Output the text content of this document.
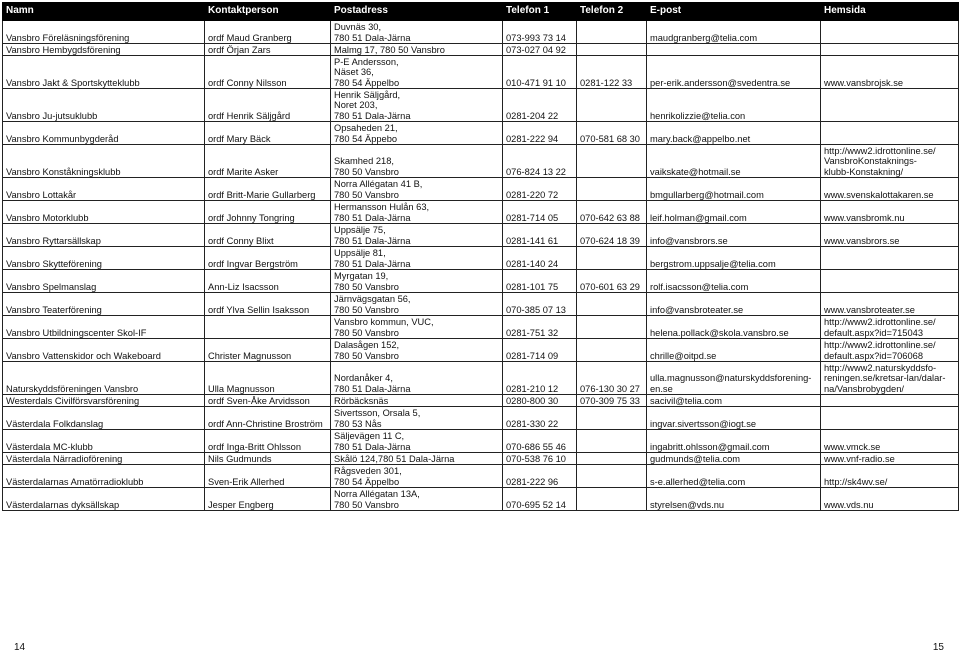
Namn	Kontaktperson	Postadress	Telefon 1	Telefon 2	E-post	Hemsida
Vansbro Föreläsningsförening	ordf Maud Granberg	Duvnäs 30,
780 51 Dala-Järna	073-993 73 14		maudgranberg@telia.com	
Vansbro Hembygdsförening	ordf Örjan Zars	Malmg 17, 780 50 Vansbro	073-027 04 92			
Vansbro Jakt & Sportskytteklubb	ordf Conny Nilsson	P-E Andersson,
Näset 36,
780 54 Äppelbo	010-471 91 10	0281-122 33	per-erik.andersson@svedentra.se	www.vansbrojsk.se
Vansbro Ju-jutsuklubb	ordf Henrik Säljgård	Henrik Säljgård,
Noret 203,
780 51 Dala-Järna	0281-204 22		henrikolizzie@telia.con	
Vansbro Kommunbygderåd	ordf Mary Bäck	Opsaheden 21,
780 54 Äppebo	0281-222 94	070-581 68 30	mary.back@appelbo.net	
Vansbro Konståkningsklubb	ordf Marite Asker	Skamhed 218,
780 50 Vansbro	076-824 13 22		vaikskate@hotmail.se	http://www2.idrottonline.se/
VansbroKonstaknings-
klubb-Konstakning/
Vansbro Lottakår	ordf Britt-Marie Gullarberg	Norra Allégatan 41 B,
780 50 Vansbro	0281-220 72		bmgullarberg@hotmail.com	www.svenskalottakaren.se
Vansbro Motorklubb	ordf Johnny Tongring	Hermansson Hulån 63,
780 51 Dala-Järna	0281-714 05	070-642 63 88	leif.holman@gmail.com	www.vansbromk.nu
Vansbro Ryttarsällskap	ordf Conny Blixt	Uppsälje 75,
780 51 Dala-Järna	0281-141 61	070-624 18 39	info@vansbrors.se	www.vansbrors.se
Vansbro Skytteförening	ordf Ingvar Bergström	Uppsälje 81,
780 51 Dala-Järna	0281-140 24		bergstrom.uppsalje@telia.com	
Vansbro Spelmanslag	Ann-Liz Isacsson	Myrgatan 19,
780 50 Vansbro	0281-101 75	070-601 63 29	rolf.isacsson@telia.com	
Vansbro Teaterförening	ordf Ylva Sellin Isaksson	Järnvägsgatan 56,
780 50 Vansbro	070-385 07 13		info@vansbroteater.se	www.vansbroteater.se
Vansbro Utbildningscenter Skol-IF		Vansbro kommun, VUC,
780 50 Vansbro	0281-751 32		helena.pollack@skola.vansbro.se	http://www2.idrottonline.se/
default.aspx?id=715043
Vansbro Vattenskidor och Wakeboard	Christer Magnusson	Dalasågen 152,
780 50 Vansbro	0281-714 09		chrille@oitpd.se	http://www2.idrottonline.se/
default.aspx?id=706068
Naturskyddsföreningen Vansbro	Ulla Magnusson	Nordanåker 4,
780 51 Dala-Järna	0281-210 12	076-130 30 27	ulla.magnusson@naturskyddsforening-
en.se	http://www2.naturskyddsfo-
reningen.se/kretsar-lan/dalar-
na/Vansbrobygden/
Westerdals Civilförsvarsförening	ordf Sven-Åke Arvidsson	Rörbäcksnäs	0280-800 30	070-309 75 33	sacivil@telia.com	
Västerdala Folkdanslag	ordf Ann-Christine Broström	Sivertsson, Orsala 5,
780 53 Nås	0281-330 22		ingvar.sivertsson@iogt.se	
Västerdala MC-klubb	ordf Inga-Britt Ohlsson	Säljevägen 11 C,
780 51 Dala-Järna	070-686 55 46		ingabritt.ohlsson@gmail.com	www.vmck.se
Västerdala Närradioförening	Nils Gudmunds	Skålö 124,780 51 Dala-Järna	070-538 76 10		gudmunds@telia.com	www.vnf-radio.se
Västerdalarnas Amatörradioklubb	Sven-Erik Allerhed	Rågsveden 301,
780 54 Äppelbo	0281-222 96		s-e.allerhed@telia.com	http://sk4wv.se/
Västerdalarnas dyksällskap	Jesper Engberg	Norra Allégatan 13A,
780 50 Vansbro	070-695 52 14		styrelsen@vds.nu	www.vds.nu
14	15
